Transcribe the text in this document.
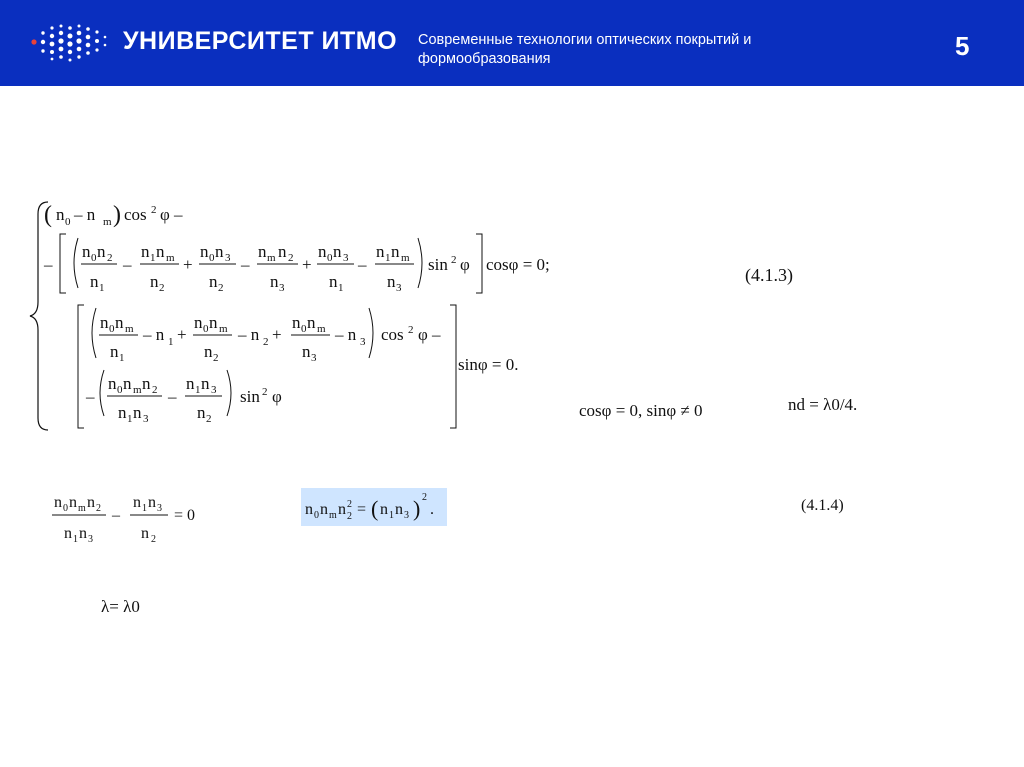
УНИВЕРСИТЕТ ИТМО Современные технологии оптических покрытий и
формообразования	5
( n 0 – n m ) cos 2 φ –
–
n 0 n 2
n 1
–
n 1 n m
n 2
+
n 0 n 3
n 2
–
n m n 2
n 3
+
n 0 n 3
n 1
–
n 1 n m
n 3
sin 2 φ cosφ = 0;
n 0 n m
n 1
– n 1 +
n 0 n m
n 2
– n 2 +
n 0 n m
n 3
– n 3 cos 2 φ –
sinφ = 0.
–
n 0 n m n 2
n 1 n 3
–
n 1 n 3
n 2
sin 2 φ
(4.1.3)
cosφ = 0, sinφ ≠ 0	nd = λ0/4.
n 0 n m n 2
n 1 n 3
–
n 1 n 3
n 2
= 0	n 0 n m n 2
2 = ( n 1 n 3 ) 2
.	(4.1.4)
λ= λ0
